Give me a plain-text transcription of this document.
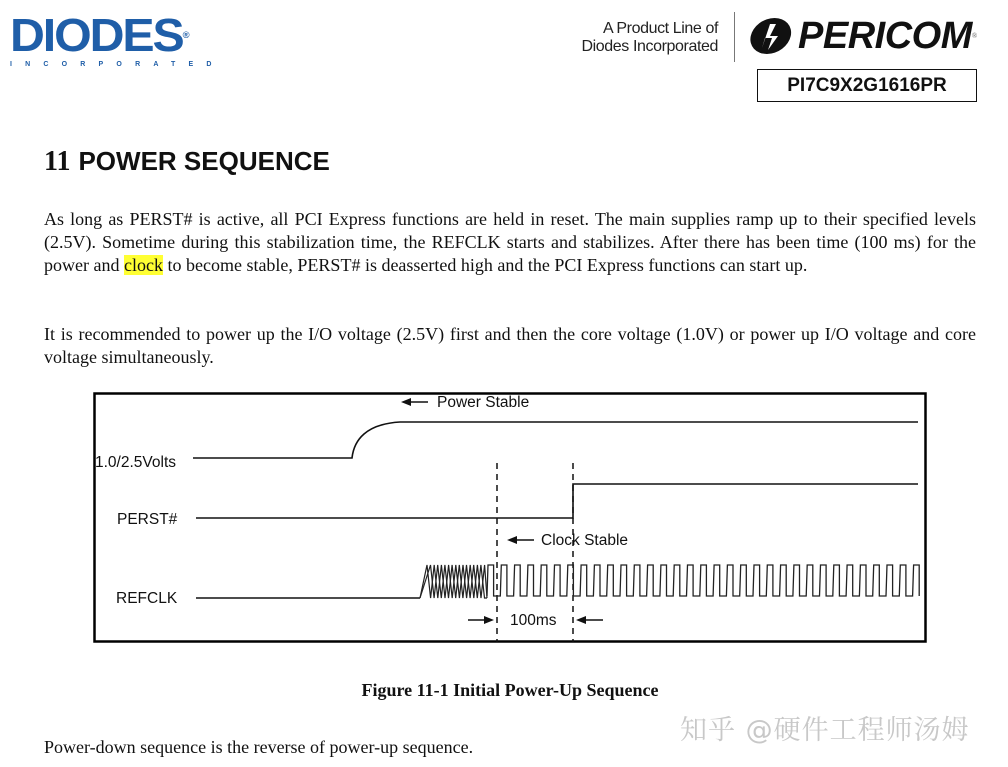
DIODES®
INCORPORATED
A Product Line of
Diodes Incorporated PERICOM ®
PI7C9X2G1616PR
11 POWER SEQUENCE
As long as PERST# is active, all PCI Express functions are held in reset. The main supplies ramp up to their specified levels (2.5V). Sometime during this stabilization time, the REFCLK starts and stabilizes. After there has been time (100 ms) for the power and clock to become stable, PERST# is deasserted high and the PCI Express functions can start up.
It is recommended to power up the I/O voltage (2.5V) first and then the core voltage (1.0V) or power up I/O voltage and core voltage simultaneously.
Power Stable
Clock Stable
100ms
1.0/2.5Volts
PERST#
REFCLK
Figure 11-1 Initial Power-Up Sequence
知乎 @硬件工程师汤姆
Power-down sequence is the reverse of power-up sequence.
